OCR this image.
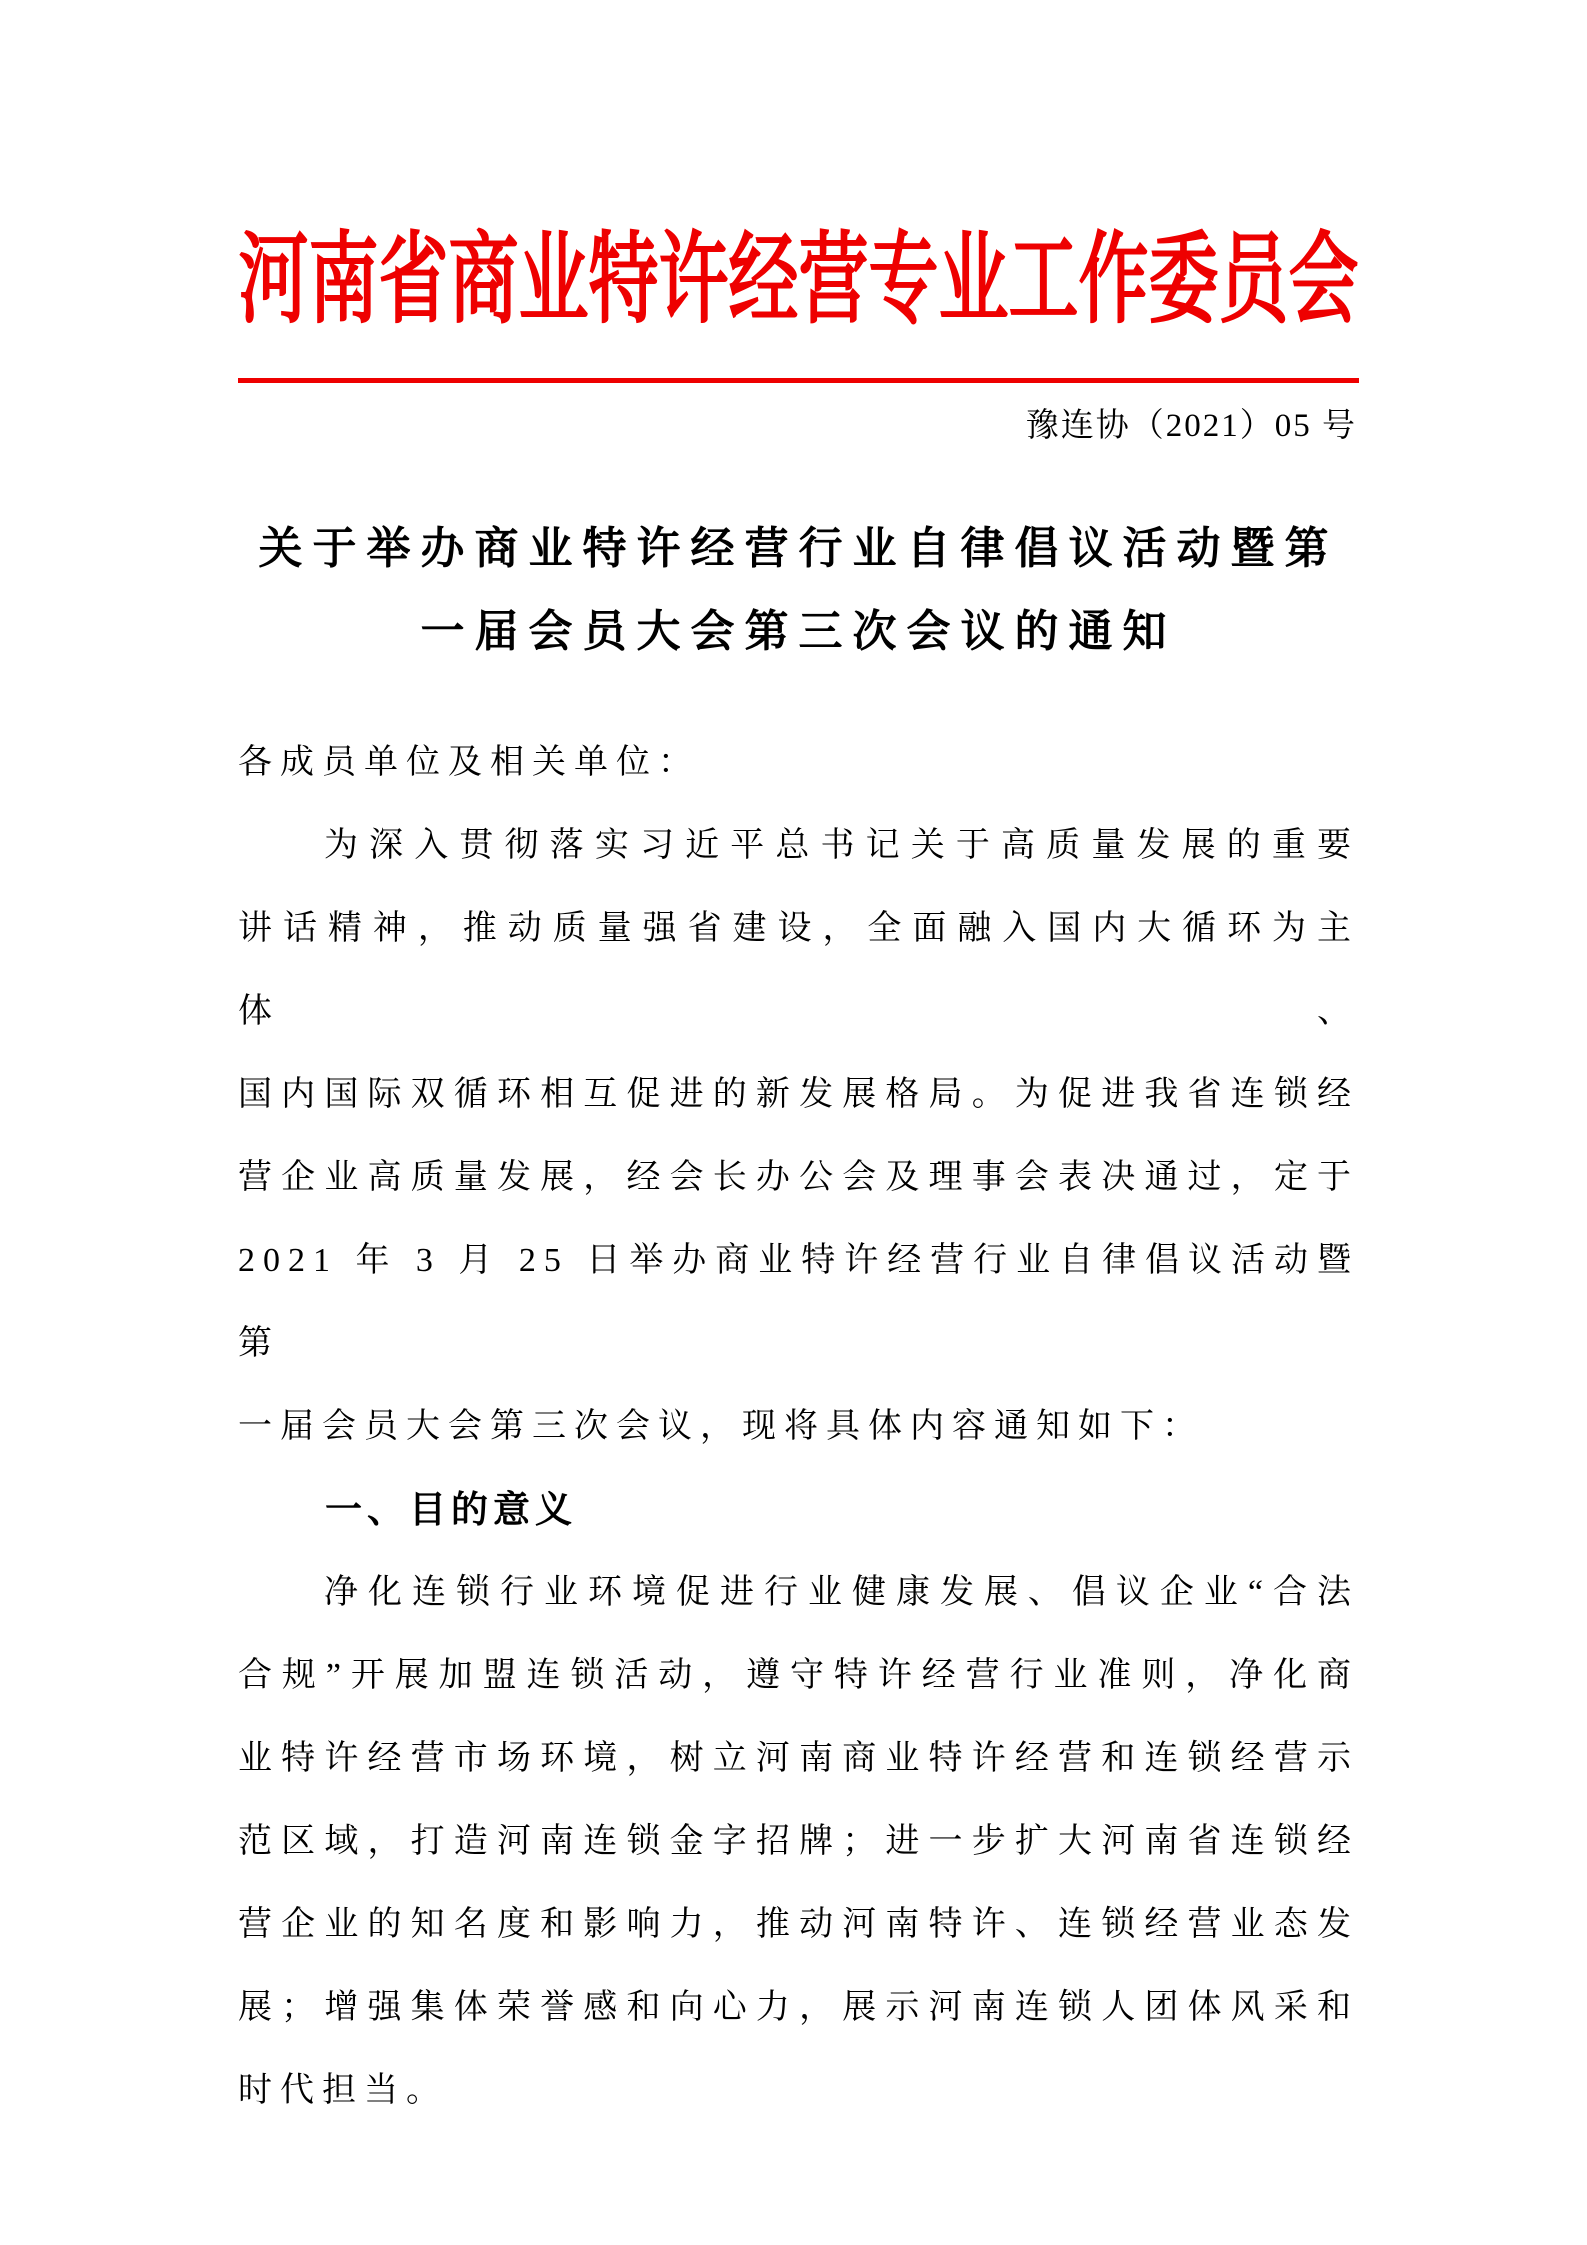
河南省商业特许经营专业工作委员会
豫连协（2021）05 号
关于举办商业特许经营行业自律倡议活动暨第
一届会员大会第三次会议的通知
各成员单位及相关单位：
为深入贯彻落实习近平总书记关于高质量发展的重要
讲话精神，推动质量强省建设，全面融入国内大循环为主体、
国内国际双循环相互促进的新发展格局。为促进我省连锁经
营企业高质量发展，经会长办公会及理事会表决通过，定于
2021 年 3 月 25 日举办商业特许经营行业自律倡议活动暨第
一届会员大会第三次会议，现将具体内容通知如下：
一、目的意义
净化连锁行业环境促进行业健康发展、倡议企业“合法
合规”开展加盟连锁活动，遵守特许经营行业准则，净化商
业特许经营市场环境，树立河南商业特许经营和连锁经营示
范区域，打造河南连锁金字招牌；进一步扩大河南省连锁经
营企业的知名度和影响力，推动河南特许、连锁经营业态发
展；增强集体荣誉感和向心力，展示河南连锁人团体风采和
时代担当。
